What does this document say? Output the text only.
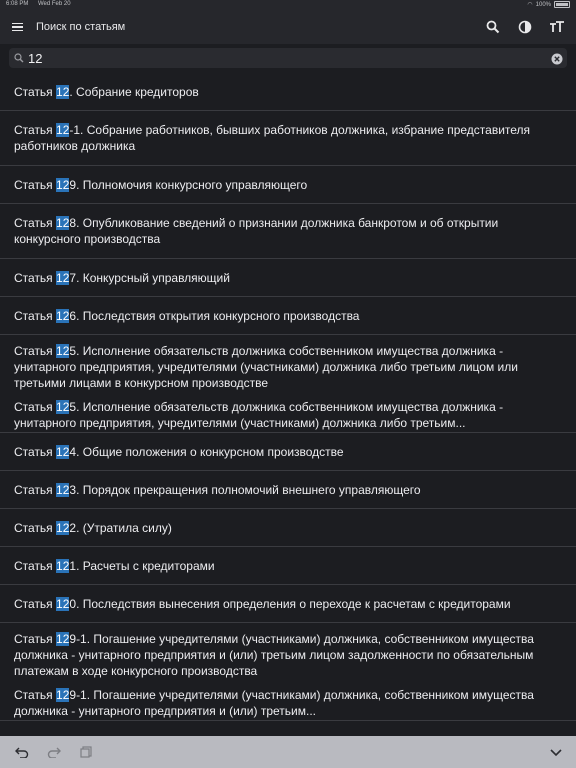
6:08 PM Wed Feb 20	◠ 100%
Поиск по статьям
12
Статья 12. Собрание кредиторов
Статья 12-1. Собрание работников, бывших работников должника, избрание представителя работников должника
Статья 129. Полномочия конкурсного управляющего
Статья 128. Опубликование сведений о признании должника банкротом и об открытии конкурсного производства
Статья 127. Конкурсный управляющий
Статья 126. Последствия открытия конкурсного производства
Статья 125. Исполнение обязательств должника собственником имущества должника - унитарного предприятия, учредителями (участниками) должника либо третьим лицом или третьими лицами в конкурсном производстве
Статья 125. Исполнение обязательств должника собственником имущества должника - унитарного предприятия, учредителями (участниками) должника либо третьим...
Статья 124. Общие положения о конкурсном производстве
Статья 123. Порядок прекращения полномочий внешнего управляющего
Статья 122. (Утратила силу)
Статья 121. Расчеты с кредиторами
Статья 120. Последствия вынесения определения о переходе к расчетам с кредиторами
Статья 129-1. Погашение учредителями (участниками) должника, собственником имущества должника - унитарного предприятия и (или) третьим лицом задолженности по обязательным платежам в ходе конкурсного производства
Статья 129-1. Погашение учредителями (участниками) должника, собственником имущества должника - унитарного предприятия и (или) третьим...
